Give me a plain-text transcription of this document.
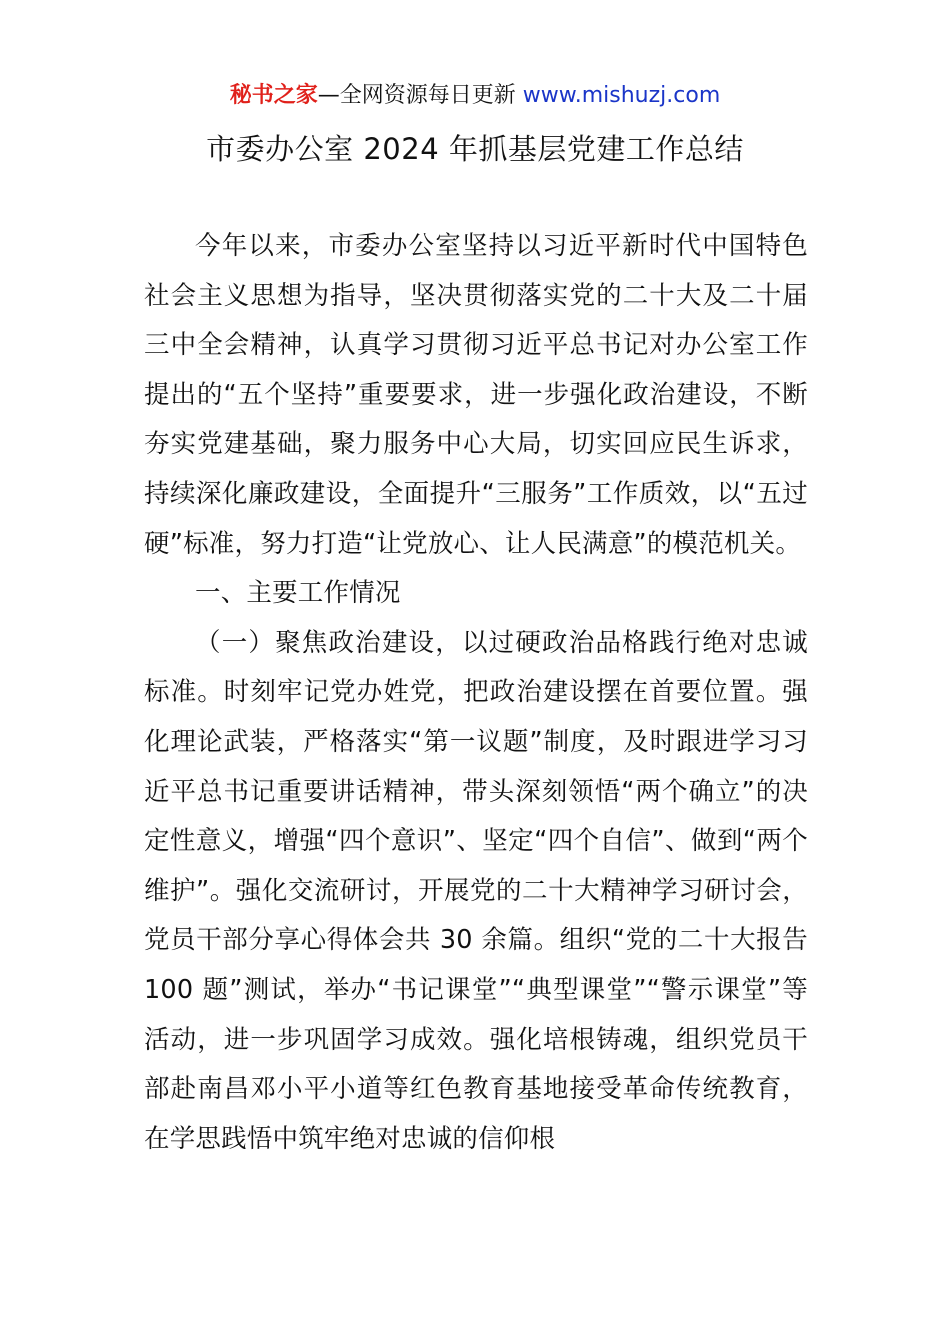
秘书之家—全网资源每日更新 www.mishuzj.com
市委办公室 2024 年抓基层党建工作总结

今年以来，市委办公室坚持以习近平新时代中国特色社会主义思想为指导，坚决贯彻落实党的二十大及二十届三中全会精神，认真学习贯彻习近平总书记对办公室工作提出的“五个坚持”重要要求，进一步强化政治建设，不断夯实党建基础，聚力服务中心大局，切实回应民生诉求，持续深化廉政建设，全面提升“三服务”工作质效，以“五过硬”标准，努力打造“让党放心、让人民满意”的模范机关。

一、主要工作情况

（一）聚焦政治建设，以过硬政治品格践行绝对忠诚标准。时刻牢记党办姓党，把政治建设摆在首要位置。强化理论武装，严格落实“第一议题”制度，及时跟进学习习近平总书记重要讲话精神，带头深刻领悟“两个确立”的决定性意义，增强“四个意识”、坚定“四个自信”、做到“两个维护”。强化交流研讨，开展党的二十大精神学习研讨会，党员干部分享心得体会共 30 余篇。组织“党的二十大报告 100 题”测试，举办“书记课堂”“典型课堂”“警示课堂”等活动，进一步巩固学习成效。强化培根铸魂，组织党员干部赴南昌邓小平小道等红色教育基地接受革命传统教育，在学思践悟中筑牢绝对忠诚的信仰根
